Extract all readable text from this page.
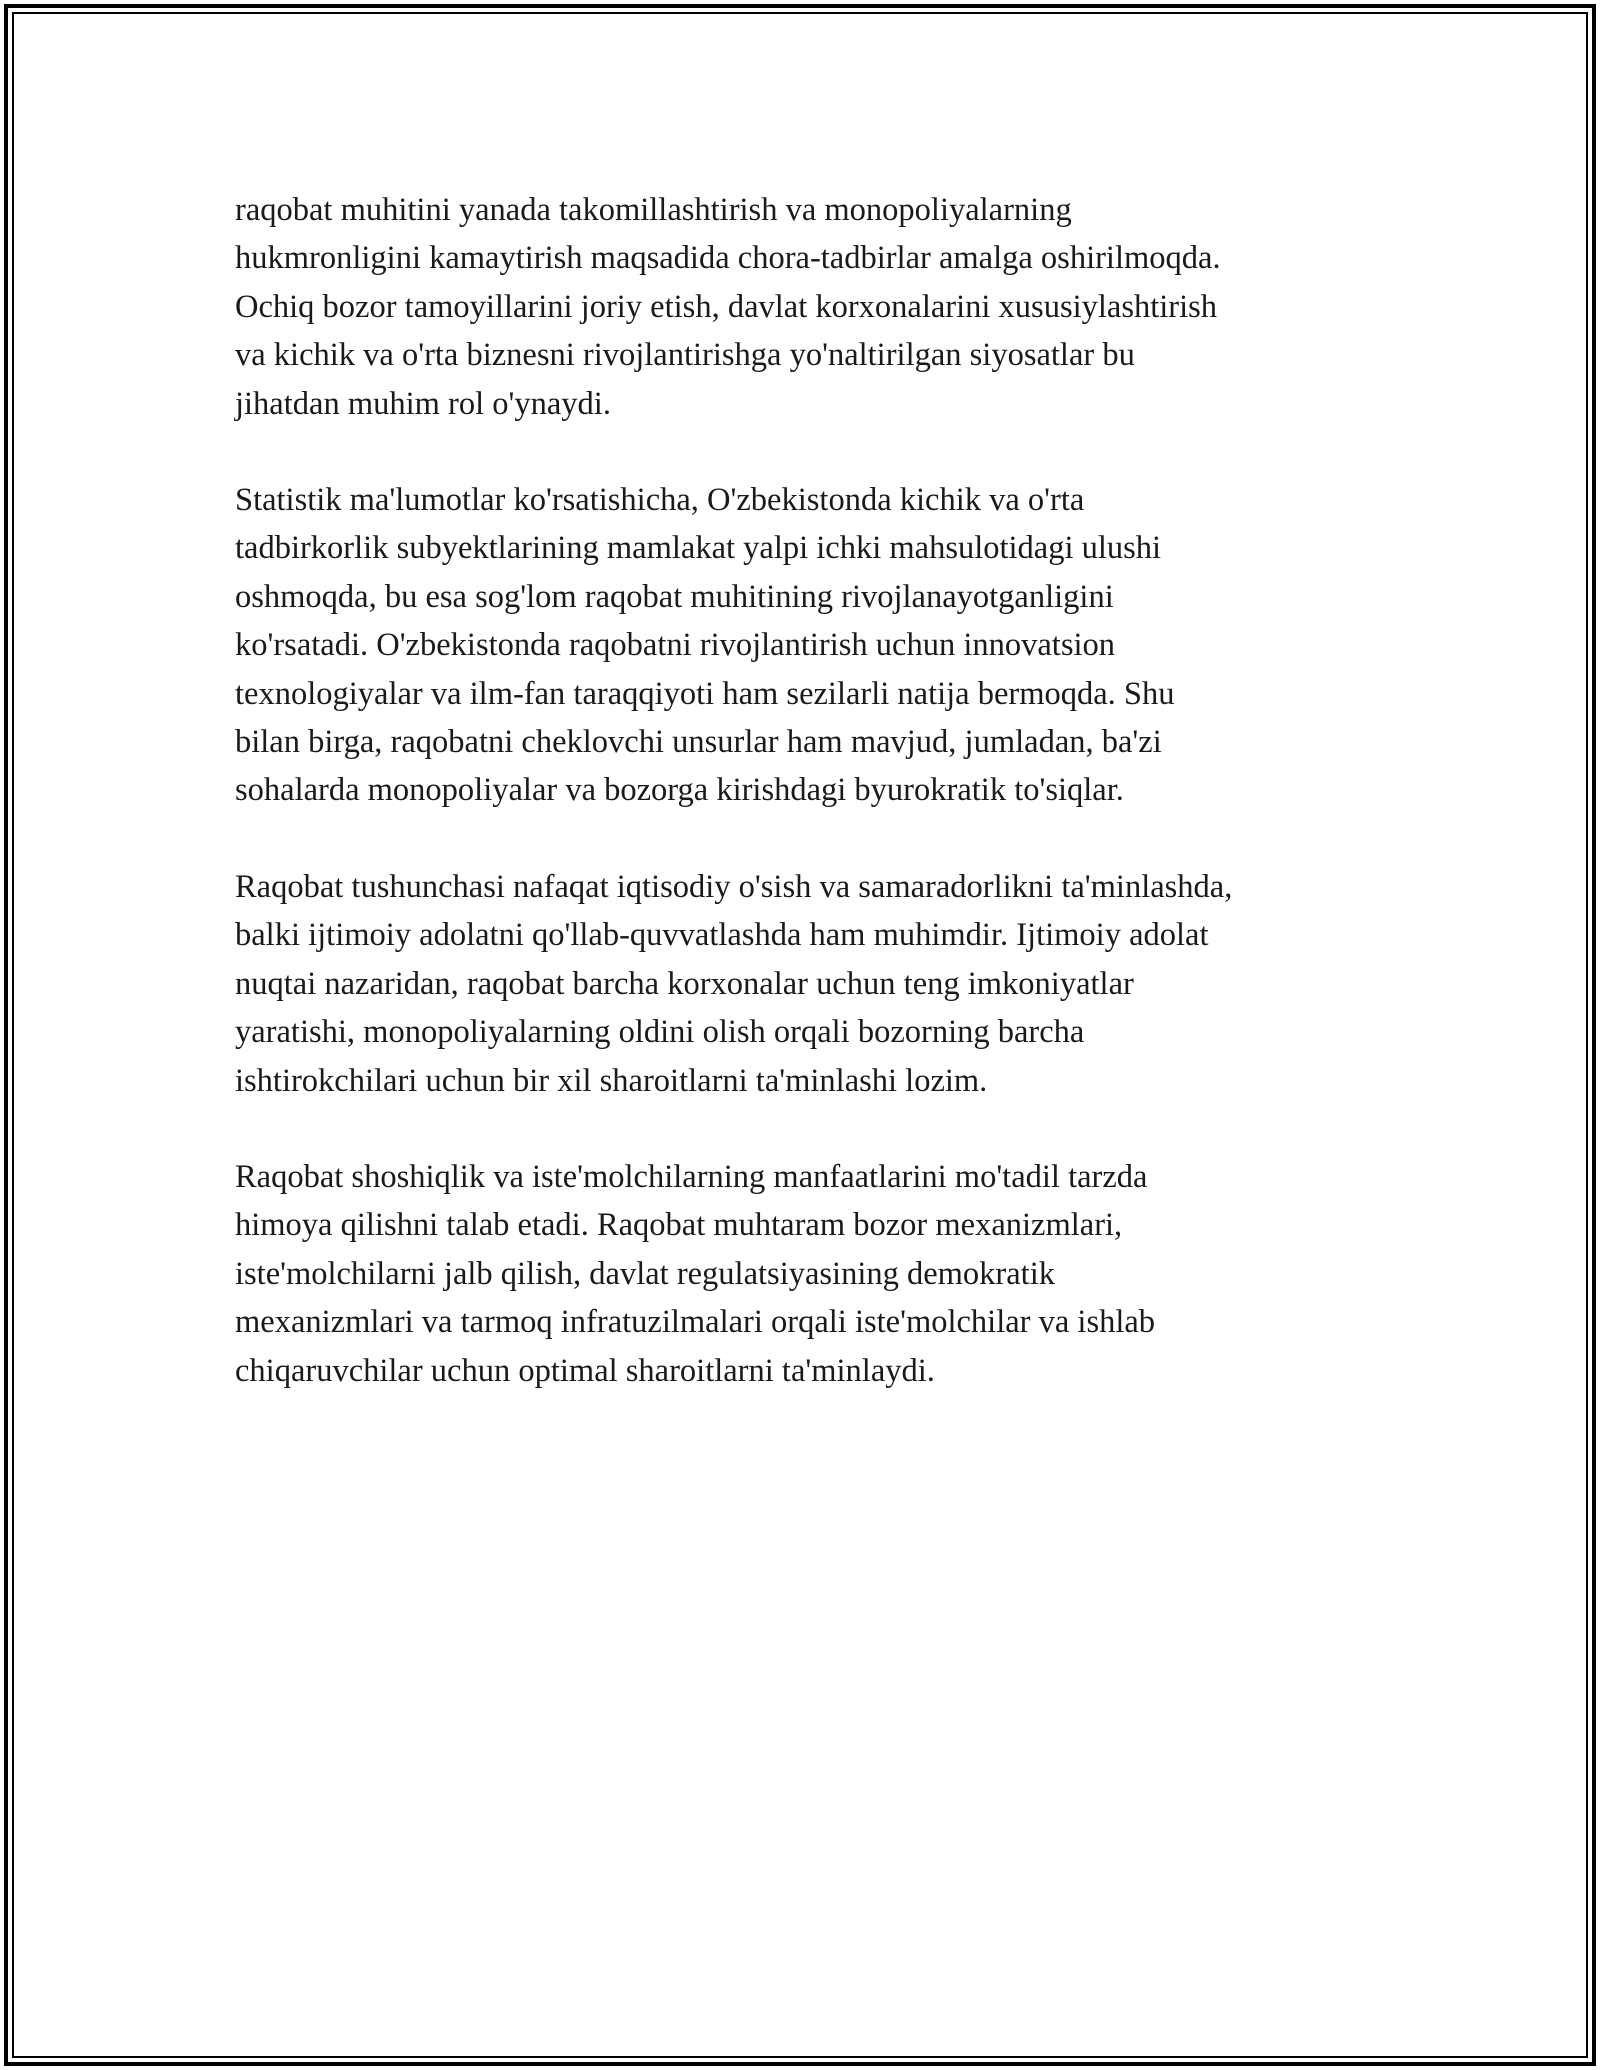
raqobat muhitini yanada takomillashtirish va monopoliyalarning
hukmronligini kamaytirish maqsadida chora-tadbirlar amalga oshirilmoqda.
Ochiq bozor tamoyillarini joriy etish, davlat korxonalarini xususiylashtirish
va kichik va o'rta biznesni rivojlantirishga yo'naltirilgan siyosatlar bu
jihatdan muhim rol o'ynaydi.

Statistik ma'lumotlar ko'rsatishicha, O'zbekistonda kichik va o'rta
tadbirkorlik subyektlarining mamlakat yalpi ichki mahsulotidagi ulushi
oshmoqda, bu esa sog'lom raqobat muhitining rivojlanayotganligini
ko'rsatadi. O'zbekistonda raqobatni rivojlantirish uchun innovatsion
texnologiyalar va ilm-fan taraqqiyoti ham sezilarli natija bermoqda. Shu
bilan birga, raqobatni cheklovchi unsurlar ham mavjud, jumladan, ba'zi
sohalarda monopoliyalar va bozorga kirishdagi byurokratik to'siqlar.

Raqobat tushunchasi nafaqat iqtisodiy o'sish va samaradorlikni ta'minlashda,
balki ijtimoiy adolatni qo'llab-quvvatlashda ham muhimdir. Ijtimoiy adolat
nuqtai nazaridan, raqobat barcha korxonalar uchun teng imkoniyatlar
yaratishi, monopoliyalarning oldini olish orqali bozorning barcha
ishtirokchilari uchun bir xil sharoitlarni ta'minlashi lozim.

Raqobat shoshiqlik va iste'molchilarning manfaatlarini mo'tadil tarzda
himoya qilishni talab etadi. Raqobat muhtaram bozor mexanizmlari,
iste'molchilarni jalb qilish, davlat regulatsiyasining demokratik
mexanizmlari va tarmoq infratuzilmalari orqali iste'molchilar va ishlab
chiqaruvchilar uchun optimal sharoitlarni ta'minlaydi.
